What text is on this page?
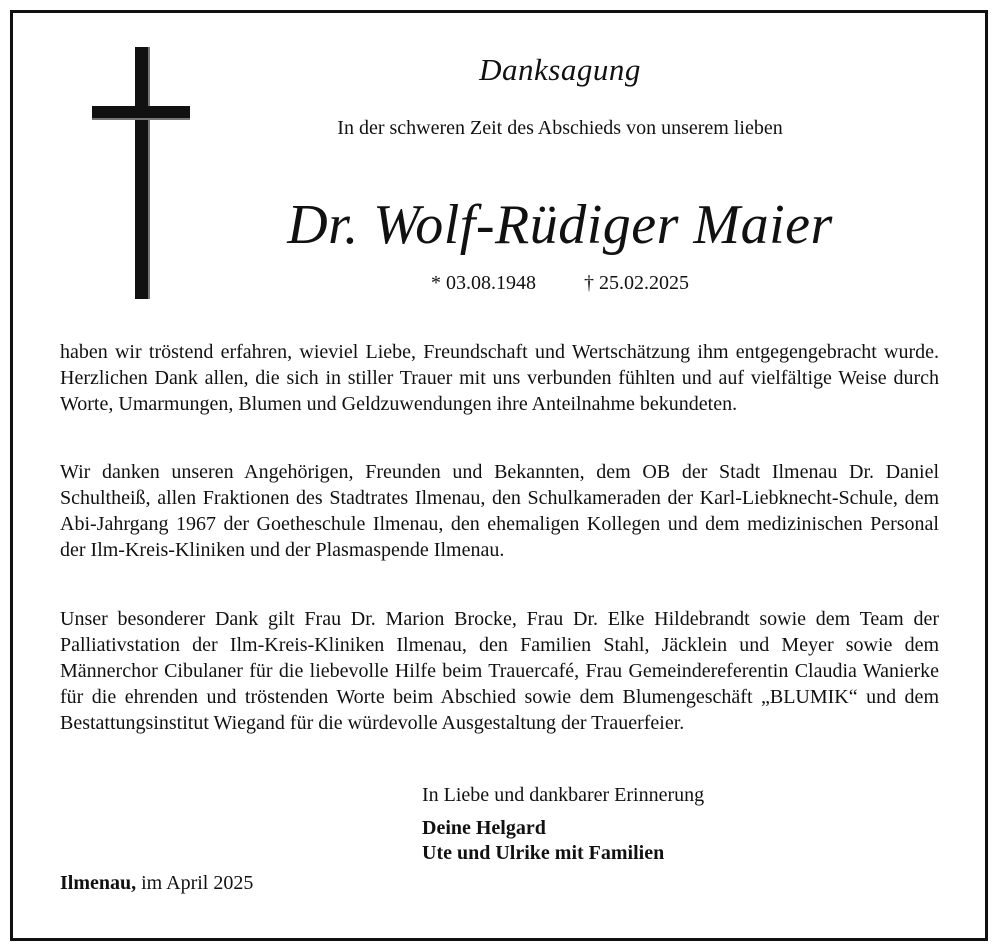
Danksagung
In der schweren Zeit des Abschieds von unserem lieben
Dr. Wolf-Rüdiger Maier
* 03.08.1948 † 25.02.2025

haben wir tröstend erfahren, wieviel Liebe, Freundschaft und Wertschätzung ihm entgegengebracht wurde. Herzlichen Dank allen, die sich in stiller Trauer mit uns verbunden fühlten und auf vielfältige Weise durch Worte, Umarmungen, Blumen und Geldzuwendungen ihre Anteilnahme bekundeten.

Wir danken unseren Angehörigen, Freunden und Bekannten, dem OB der Stadt Ilmenau Dr. Daniel Schultheiß, allen Fraktionen des Stadtrates Ilmenau, den Schulkameraden der Karl-Liebknecht-Schule, dem Abi-Jahrgang 1967 der Goetheschule Ilmenau, den ehemaligen Kollegen und dem medizinischen Personal der Ilm-Kreis-Kliniken und der Plasmaspende Ilmenau.

Unser besonderer Dank gilt Frau Dr. Marion Brocke, Frau Dr. Elke Hildebrandt sowie dem Team der Palliativstation der Ilm-Kreis-Kliniken Ilmenau, den Familien Stahl, Jäcklein und Meyer sowie dem Männerchor Cibulaner für die liebevolle Hilfe beim Trauercafé, Frau Gemeindereferentin Claudia Wanierke für die ehrenden und tröstenden Worte beim Abschied sowie dem Blumengeschäft „BLUMIK“ und dem Bestattungsinstitut Wiegand für die würdevolle Ausgestaltung der Trauerfeier.

In Liebe und dankbarer Erinnerung
Deine Helgard
Ute und Ulrike mit Familien
Ilmenau, im April 2025
